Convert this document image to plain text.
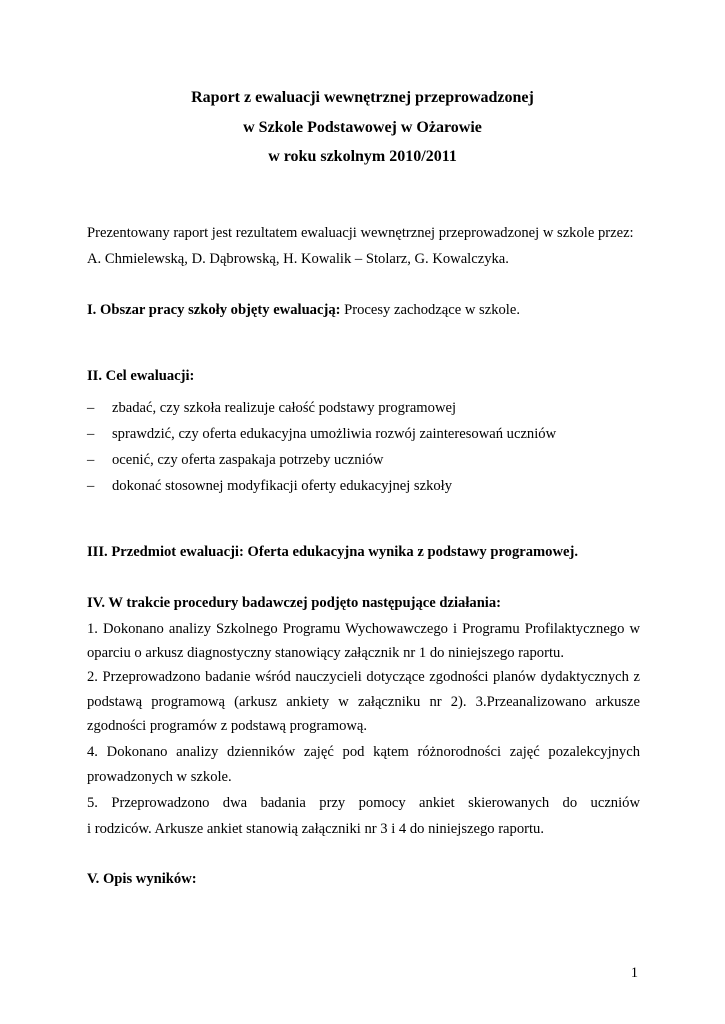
Raport z ewaluacji wewnętrznej przeprowadzonej

w Szkole Podstawowej w Ożarowie

w roku szkolnym 2010/2011

Prezentowany raport jest rezultatem ewaluacji wewnętrznej przeprowadzonej w szkole przez:

A. Chmielewską, D. Dąbrowską, H. Kowalik – Stolarz, G. Kowalczyka.

I. Obszar pracy szkoły objęty ewaluacją: Procesy zachodzące w szkole.

II. Cel ewaluacji:

– zbadać, czy szkoła realizuje całość podstawy programowej

– sprawdzić, czy oferta edukacyjna umożliwia rozwój zainteresowań uczniów

– ocenić, czy oferta zaspakaja potrzeby uczniów

– dokonać stosownej modyfikacji oferty edukacyjnej szkoły

III. Przedmiot ewaluacji: Oferta edukacyjna wynika z podstawy programowej.

IV. W trakcie procedury badawczej podjęto następujące działania:

1. Dokonano analizy Szkolnego Programu Wychowawczego i Programu Profilaktycznego w

oparciu o arkusz diagnostyczny stanowiący załącznik nr 1 do niniejszego raportu.

2. Przeprowadzono badanie wśród nauczycieli dotyczące zgodności planów dydaktycznych z

podstawą programową (arkusz ankiety w załączniku nr 2). 3.Przeanalizowano arkusze

zgodności programów z podstawą programową.

4. Dokonano analizy dzienników zajęć pod kątem różnorodności zajęć pozalekcyjnych

prowadzonych w szkole.

5. Przeprowadzono dwa badania przy pomocy ankiet skierowanych do uczniów

i rodziców. Arkusze ankiet stanowią załączniki nr 3 i 4 do niniejszego raportu.

V. Opis wyników:

1
